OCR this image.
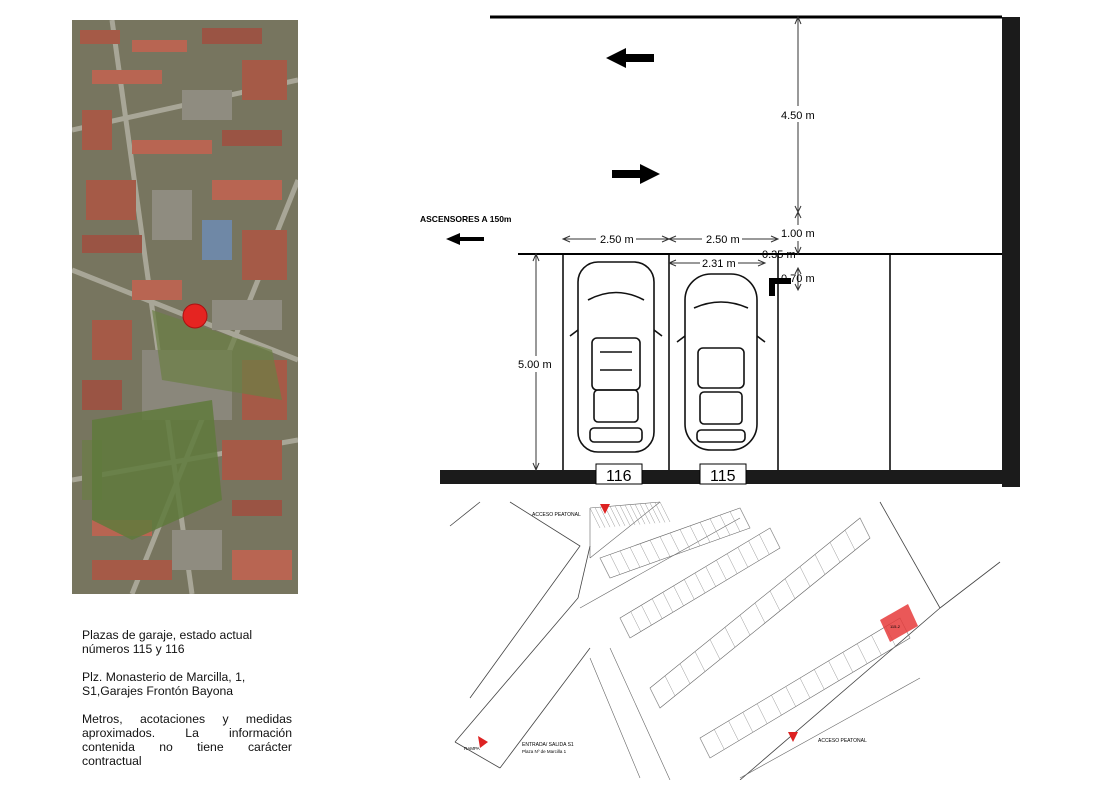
Plazas de garaje, estado actual
números 115 y 116

Plz. Monasterio de Marcilla, 1,
S1,Garajes Frontón Bayona

Metros, acotaciones y medidas aproximados. La información contenida no tiene carácter contractual

4.50 m
1.00 m
2.50 m	2.50 m
2.31 m
0.35 m
0.70 m
5.00 m
ASCENSORES A 150m
116	115
115-2
ACCESO PEATONAL
ACCESO PEATONAL
ENTRADA/ SALIDA S1
Plaza Nº de Marcilla 1
RAMPA
